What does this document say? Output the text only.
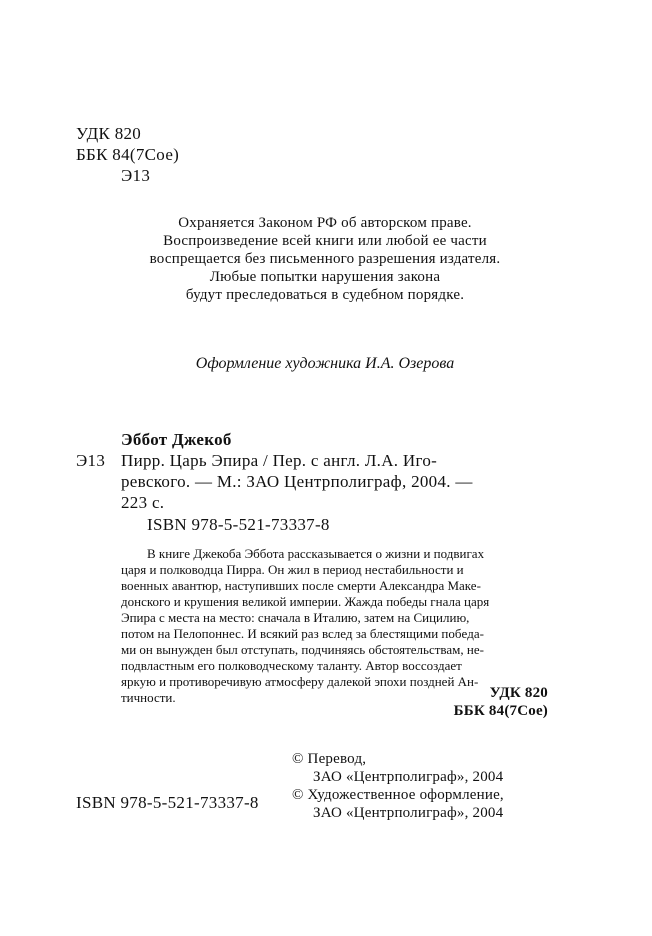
УДК 820
ББК 84(7Сое)
Э13
Охраняется Законом РФ об авторском праве.
Воспроизведение всей книги или любой ее части
воспрещается без письменного разрешения издателя.
Любые попытки нарушения закона
будут преследоваться в судебном порядке.
Оформление художника И.А. Озерова
Эббот Джекоб
Э13 Пирр. Царь Эпира / Пер. с англ. Л.А. Иго-
ревского. — М.: ЗАО Центрполиграф, 2004. —
223 с.
ISBN 978-5-521-73337-8
В книге Джекоба Эббота рассказывается о жизни и подвигах
царя и полководца Пирра. Он жил в период нестабильности и
военных авантюр, наступивших после смерти Александра Маке-
донского и крушения великой империи. Жажда победы гнала царя
Эпира с места на место: сначала в Италию, затем на Сицилию,
потом на Пелопоннес. И всякий раз вслед за блестящими побeда-
ми он вынужден был отступать, подчиняясь обстоятельствам, не-
подвластным его полководческому таланту. Автор воссоздает
яркую и противоречивую атмосферу далекой эпохи поздней Ан-
тичности.	УДК 820
ББК 84(7Сое)
© Перевод,
ЗАО «Центрполиграф», 2004
© Художественное оформление,
ЗАО «Центрполиграф», 2004
ISBN 978-5-521-73337-8
